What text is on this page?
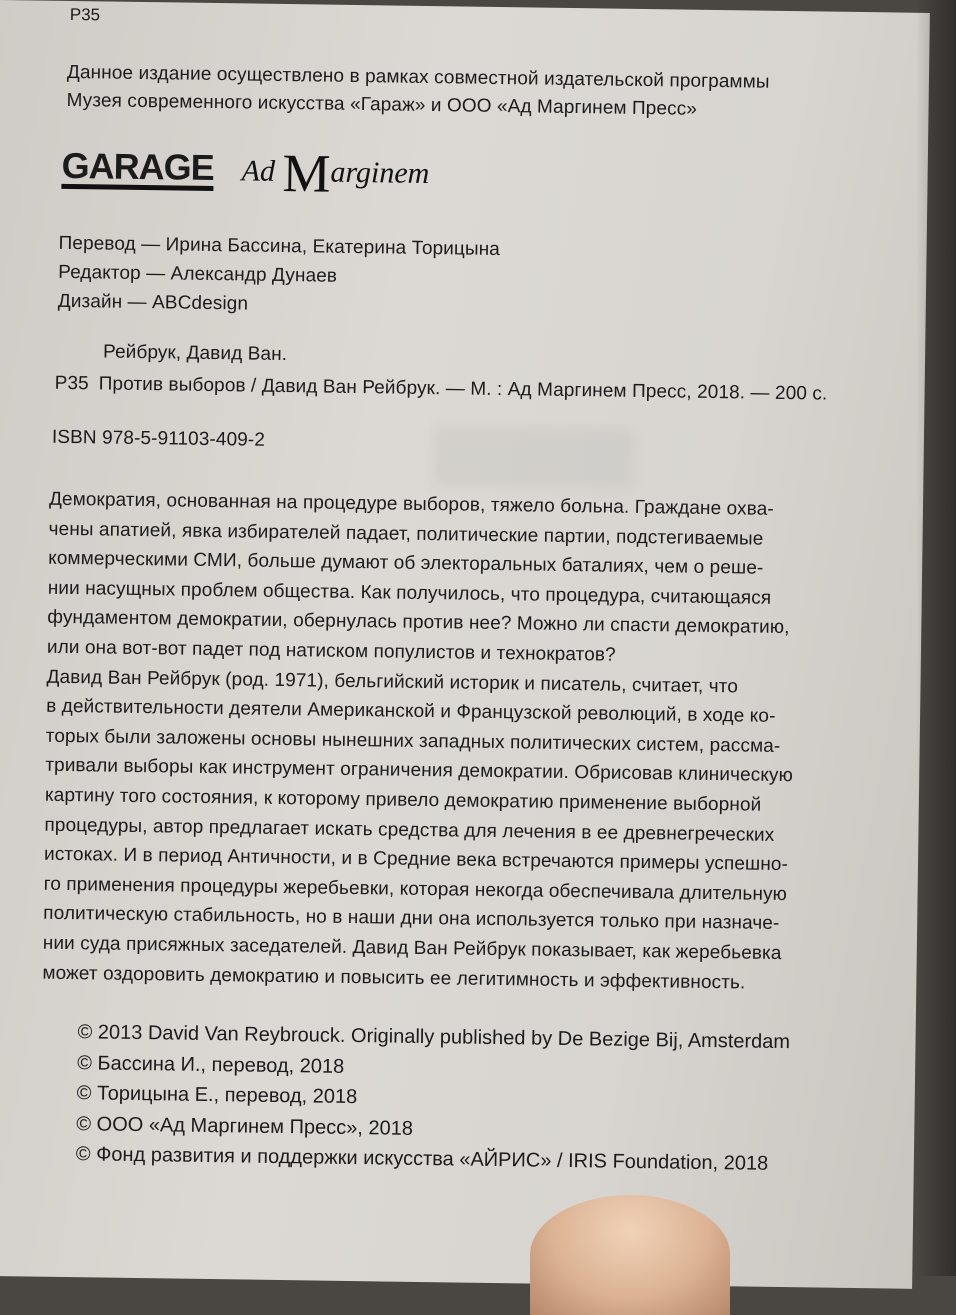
Р35
Данное издание осуществлено в рамках совместной издательской программы
Музея современного искусства «Гараж» и ООО «Ад Маргинем Пресс»
GARAGE Ad Marginem
Перевод — Ирина Бассина, Екатерина Торицына
Редактор — Александр Дунаев
Дизайн — ABCdesign
Рейбрук, Давид Ван.
Р35 Против выборов / Давид Ван Рейбрук. — М. : Ад Маргинем Пресс, 2018. — 200 с.
ISBN 978-5-91103-409-2
Демократия, основанная на процедуре выборов, тяжело больна. Граждане охва-
чены апатией, явка избирателей падает, политические партии, подстегиваемые
коммерческими СМИ, больше думают об электоральных баталиях, чем о реше-
нии насущных проблем общества. Как получилось, что процедура, считающаяся
фундаментом демократии, обернулась против нее? Можно ли спасти демократию,
или она вот-вот падет под натиском популистов и технократов?
Давид Ван Рейбрук (род. 1971), бельгийский историк и писатель, считает, что
в действительности деятели Американской и Французской революций, в ходе ко-
торых были заложены основы нынешних западных политических систем, рассма-
тривали выборы как инструмент ограничения демократии. Обрисовав клиническую
картину того состояния, к которому привело демократию применение выборной
процедуры, автор предлагает искать средства для лечения в ее древнегреческих
истоках. И в период Античности, и в Средние века встречаются примеры успешно-
го применения процедуры жеребьевки, которая некогда обеспечивала длительную
политическую стабильность, но в наши дни она используется только при назначе-
нии суда присяжных заседателей. Давид Ван Рейбрук показывает, как жеребьевка
может оздоровить демократию и повысить ее легитимность и эффективность.
© 2013 David Van Reybrouck. Originally published by De Bezige Bij, Amsterdam
© Бассина И., перевод, 2018
© Торицына Е., перевод, 2018
© ООО «Ад Маргинем Пресс», 2018
© Фонд развития и поддержки искусства «АЙРИС» / IRIS Foundation, 2018
